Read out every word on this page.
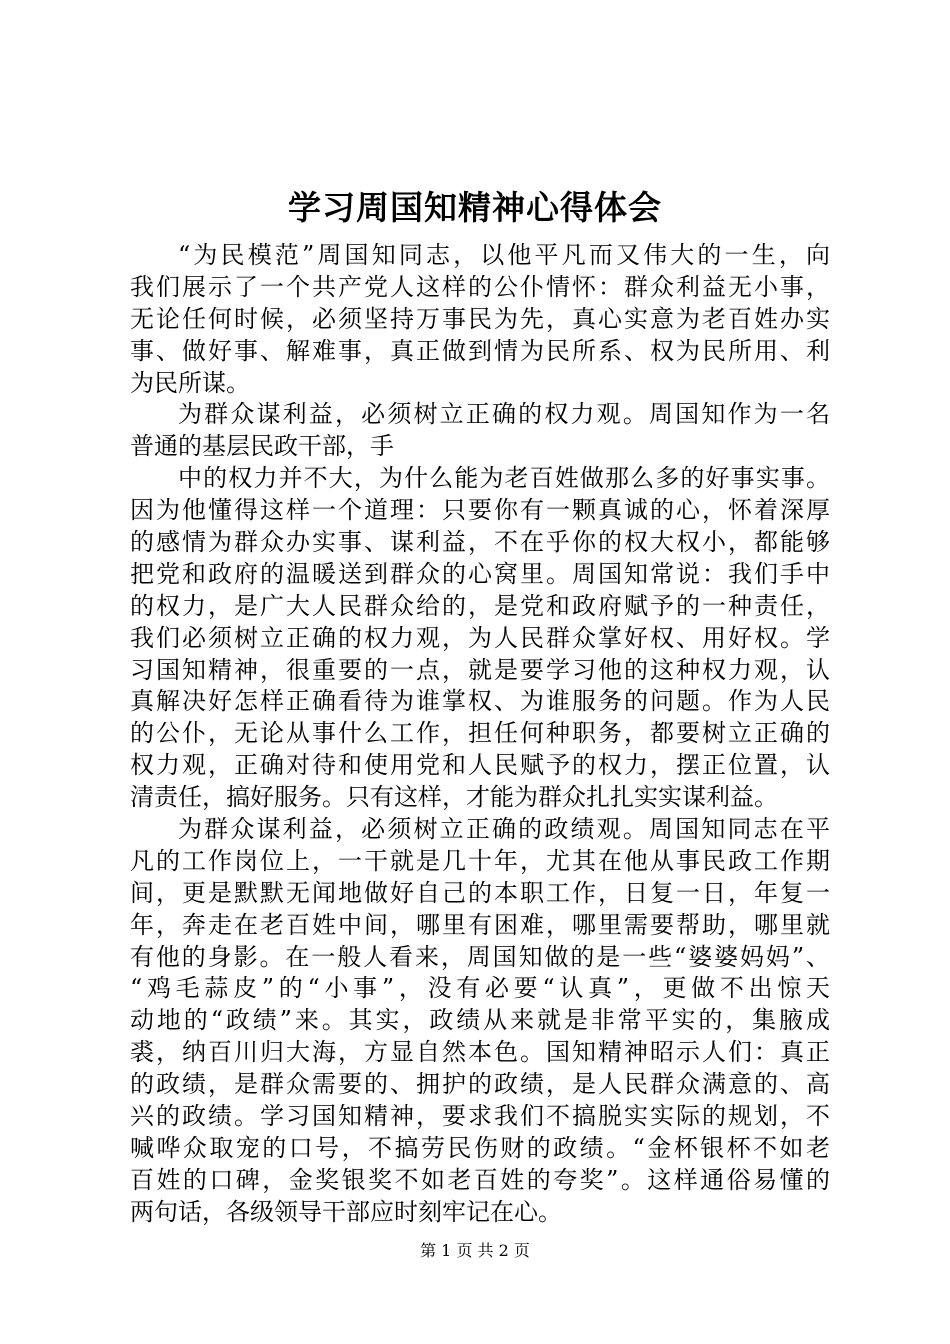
学习周国知精神心得体会
“为民模范”周国知同志，以他平凡而又伟大的一生，向
我们展示了一个共产党人这样的公仆情怀：群众利益无小事，
无论任何时候，必须坚持万事民为先，真心实意为老百姓办实
事、做好事、解难事，真正做到情为民所系、权为民所用、利
为民所谋。
为群众谋利益，必须树立正确的权力观。周国知作为一名
普通的基层民政干部，手
中的权力并不大，为什么能为老百姓做那么多的好事实事。
因为他懂得这样一个道理：只要你有一颗真诚的心，怀着深厚
的感情为群众办实事、谋利益，不在乎你的权大权小，都能够
把党和政府的温暖送到群众的心窝里。周国知常说：我们手中
的权力，是广大人民群众给的，是党和政府赋予的一种责任，
我们必须树立正确的权力观，为人民群众掌好权、用好权。学
习国知精神，很重要的一点，就是要学习他的这种权力观，认
真解决好怎样正确看待为谁掌权、为谁服务的问题。作为人民
的公仆，无论从事什么工作，担任何种职务，都要树立正确的
权力观，正确对待和使用党和人民赋予的权力，摆正位置，认
清责任，搞好服务。只有这样，才能为群众扎扎实实谋利益。
为群众谋利益，必须树立正确的政绩观。周国知同志在平
凡的工作岗位上，一干就是几十年，尤其在他从事民政工作期
间，更是默默无闻地做好自己的本职工作，日复一日，年复一
年，奔走在老百姓中间，哪里有困难，哪里需要帮助，哪里就
有他的身影。在一般人看来，周国知做的是一些“婆婆妈妈”、
“鸡毛蒜皮”的“小事”，没有必要“认真”，更做不出惊天
动地的“政绩”来。其实，政绩从来就是非常平实的，集腋成
裘，纳百川归大海，方显自然本色。国知精神昭示人们：真正
的政绩，是群众需要的、拥护的政绩，是人民群众满意的、高
兴的政绩。学习国知精神，要求我们不搞脱实实际的规划，不
喊哗众取宠的口号，不搞劳民伤财的政绩。“金杯银杯不如老
百姓的口碑，金奖银奖不如老百姓的夸奖”。这样通俗易懂的
两句话，各级领导干部应时刻牢记在心。
第 1 页 共 2 页
